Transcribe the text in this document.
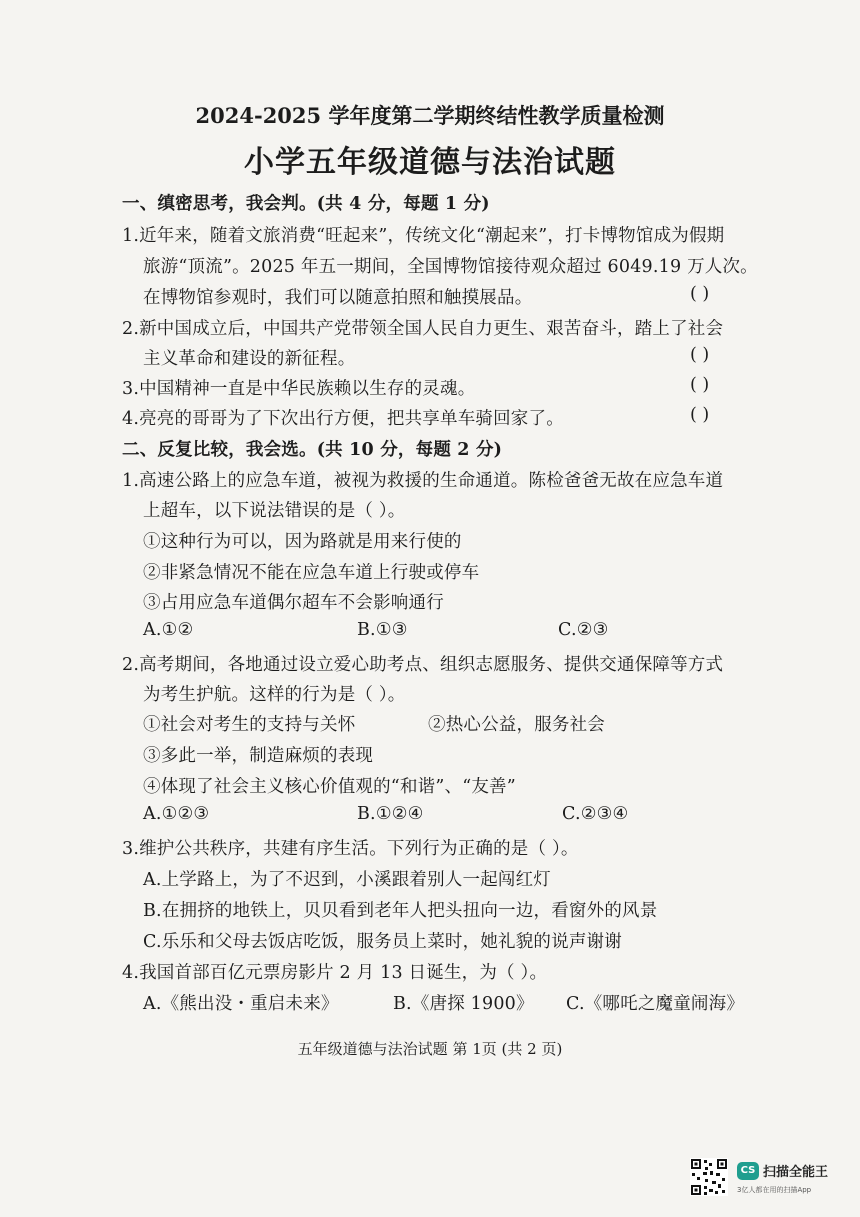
2024-2025 学年度第二学期终结性教学质量检测
小学五年级道德与法治试题
一、缜密思考，我会判。(共 4 分，每题 1 分)
1.近年来，随着文旅消费“旺起来”，传统文化“潮起来”，打卡博物馆成为假期
旅游“顶流”。2025 年五一期间，全国博物馆接待观众超过 6049.19 万人次。
在博物馆参观时，我们可以随意拍照和触摸展品。	( )
2.新中国成立后，中国共产党带领全国人民自力更生、艰苦奋斗，踏上了社会
主义革命和建设的新征程。	( )
3.中国精神一直是中华民族赖以生存的灵魂。	( )
4.亮亮的哥哥为了下次出行方便，把共享单车骑回家了。	( )
二、反复比较，我会选。(共 10 分，每题 2 分)
1.高速公路上的应急车道，被视为救援的生命通道。陈检爸爸无故在应急车道
上超车，以下说法错误的是（ ）。
①这种行为可以，因为路就是用来行使的
②非紧急情况不能在应急车道上行驶或停车
③占用应急车道偶尔超车不会影响通行
A.①②	B.①③	C.②③
2.高考期间，各地通过设立爱心助考点、组织志愿服务、提供交通保障等方式
为考生护航。这样的行为是（ ）。
①社会对考生的支持与关怀	②热心公益，服务社会
③多此一举，制造麻烦的表现
④体现了社会主义核心价值观的“和谐”、“友善”
A.①②③	B.①②④	C.②③④
3.维护公共秩序，共建有序生活。下列行为正确的是（ ）。
A.上学路上，为了不迟到，小溪跟着别人一起闯红灯
B.在拥挤的地铁上，贝贝看到老年人把头扭向一边，看窗外的风景
C.乐乐和父母去饭店吃饭，服务员上菜时，她礼貌的说声谢谢
4.我国首部百亿元票房影片 2 月 13 日诞生，为（ ）。
A.《熊出没・重启未来》	B.《唐探 1900》 C.《哪吒之魔童闹海》
五年级道德与法治试题 第 1页 (共 2 页)
CS 扫描全能王
3亿人都在用的扫描App
